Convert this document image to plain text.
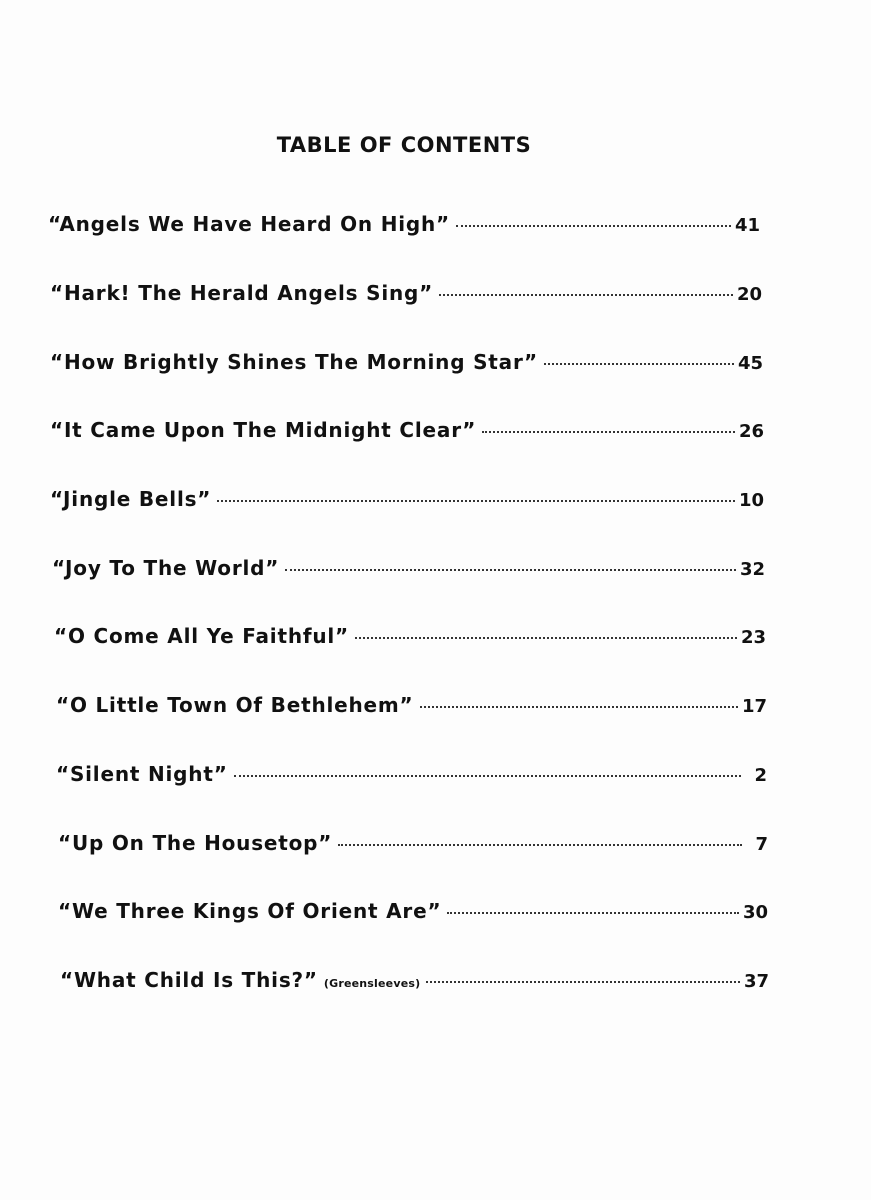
TABLE OF CONTENTS
“Angels We Have Heard On High”	41
“Hark! The Herald Angels Sing”	20
“How Brightly Shines The Morning Star”	45
“It Came Upon The Midnight Clear”	26
“Jingle Bells”	10
“Joy To The World”	32
“O Come All Ye Faithful”	23
“O Little Town Of Bethlehem”	17
“Silent Night”	2
“Up On The Housetop”	7
“We Three Kings Of Orient Are”	30
“What Child Is This?” (Greensleeves)	37
